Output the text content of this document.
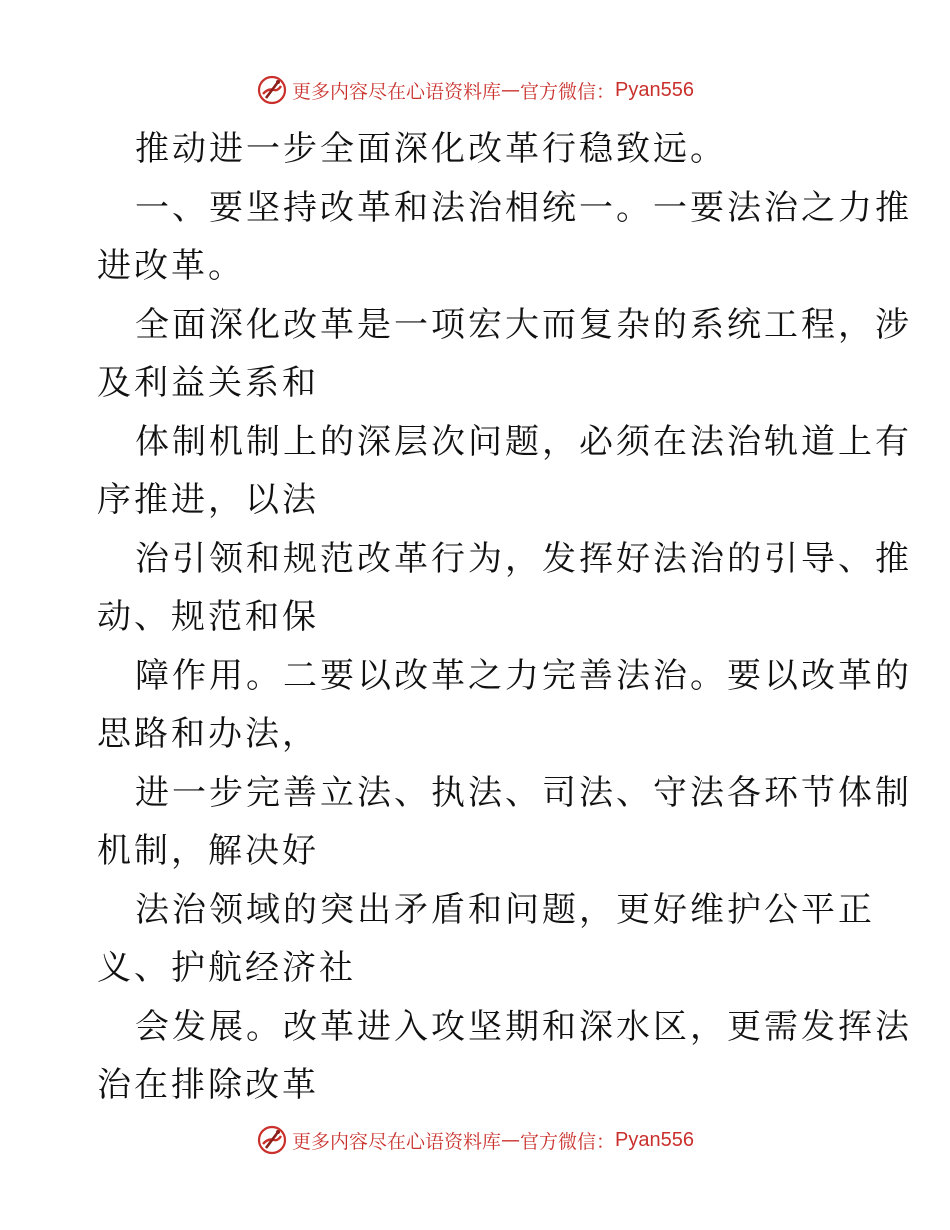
更多内容尽在心语资料库 — 官方微信： Pyan556
推动进一步全面深化改革行稳致远。
一、要坚持改革和法治相统一。一要法治之力推
进改革。
全面深化改革是一项宏大而复杂的系统工程，涉
及利益关系和
体制机制上的深层次问题，必须在法治轨道上有
序推进，以法
治引领和规范改革行为，发挥好法治的引导、推
动、规范和保
障作用。二要以改革之力完善法治。要以改革的
思路和办法，
进一步完善立法、执法、司法、守法各环节体制
机制，解决好
法治领域的突出矛盾和问题，更好维护公平正
义、护航经济社
会发展。改革进入攻坚期和深水区，更需发挥法
治在排除改革
更多内容尽在心语资料库 — 官方微信： Pyan556
